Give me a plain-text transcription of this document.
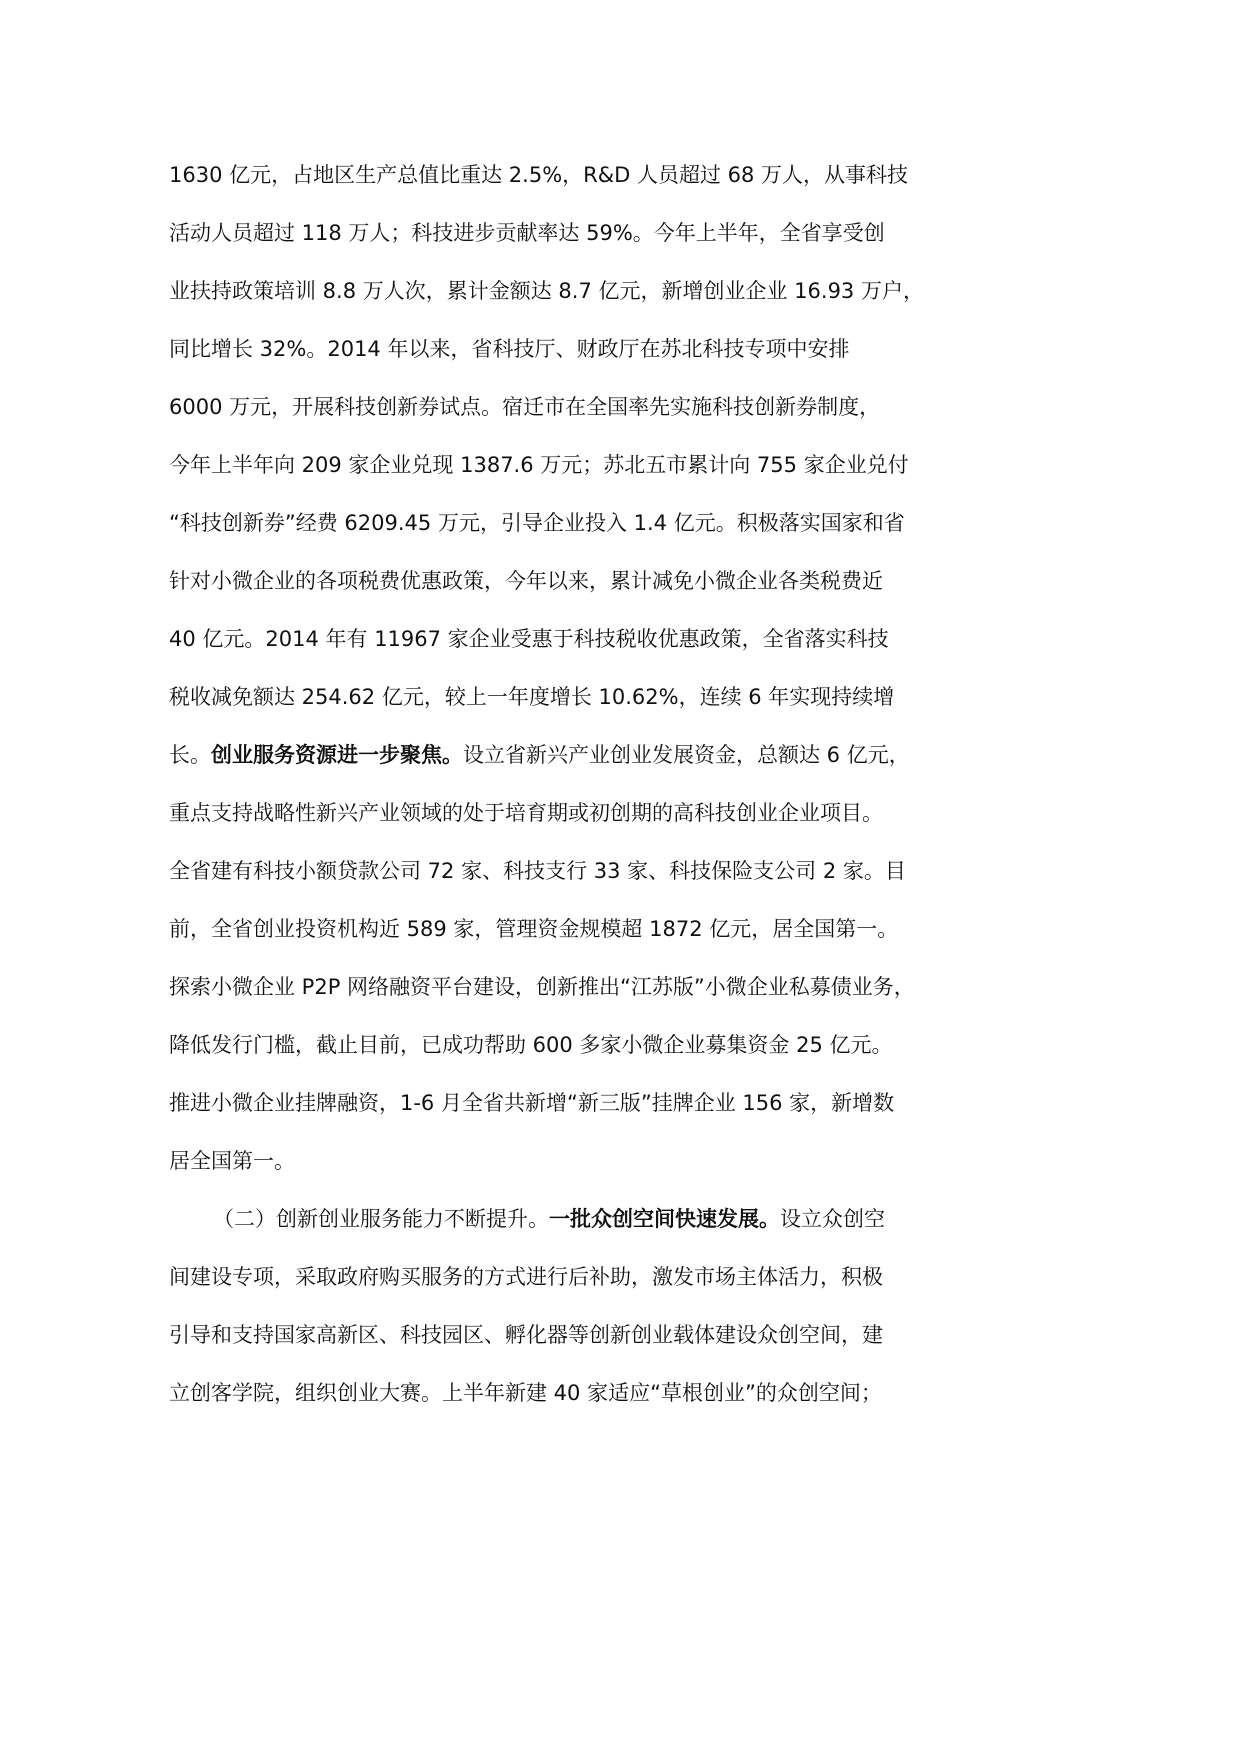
1630 亿元，占地区生产总值比重达 2.5%，R&D 人员超过 68 万人，从事科技
活动人员超过 118 万人；科技进步贡献率达 59%。今年上半年，全省享受创
业扶持政策培训 8.8 万人次，累计金额达 8.7 亿元，新增创业企业 16.93 万户，
同比增长 32%。2014 年以来，省科技厅、财政厅在苏北科技专项中安排
6000 万元，开展科技创新券试点。宿迁市在全国率先实施科技创新券制度，
今年上半年向 209 家企业兑现 1387.6 万元；苏北五市累计向 755 家企业兑付
“科技创新券”经费 6209.45 万元，引导企业投入 1.4 亿元。积极落实国家和省
针对小微企业的各项税费优惠政策，今年以来，累计减免小微企业各类税费近
40 亿元。2014 年有 11967 家企业受惠于科技税收优惠政策，全省落实科技
税收减免额达 254.62 亿元，较上一年度增长 10.62%，连续 6 年实现持续增
长。创业服务资源进一步聚焦。设立省新兴产业创业发展资金，总额达 6 亿元，
重点支持战略性新兴产业领域的处于培育期或初创期的高科技创业企业项目。
全省建有科技小额贷款公司 72 家、科技支行 33 家、科技保险支公司 2 家。目
前，全省创业投资机构近 589 家，管理资金规模超 1872 亿元，居全国第一。
探索小微企业 P2P 网络融资平台建设，创新推出“江苏版”小微企业私募债业务，
降低发行门槛，截止目前，已成功帮助 600 多家小微企业募集资金 25 亿元。
推进小微企业挂牌融资，1-6 月全省共新增“新三版”挂牌企业 156 家，新增数
居全国第一。
（二）创新创业服务能力不断提升。一批众创空间快速发展。设立众创空
间建设专项，采取政府购买服务的方式进行后补助，激发市场主体活力，积极
引导和支持国家高新区、科技园区、孵化器等创新创业载体建设众创空间，建
立创客学院，组织创业大赛。上半年新建 40 家适应“草根创业”的众创空间；
